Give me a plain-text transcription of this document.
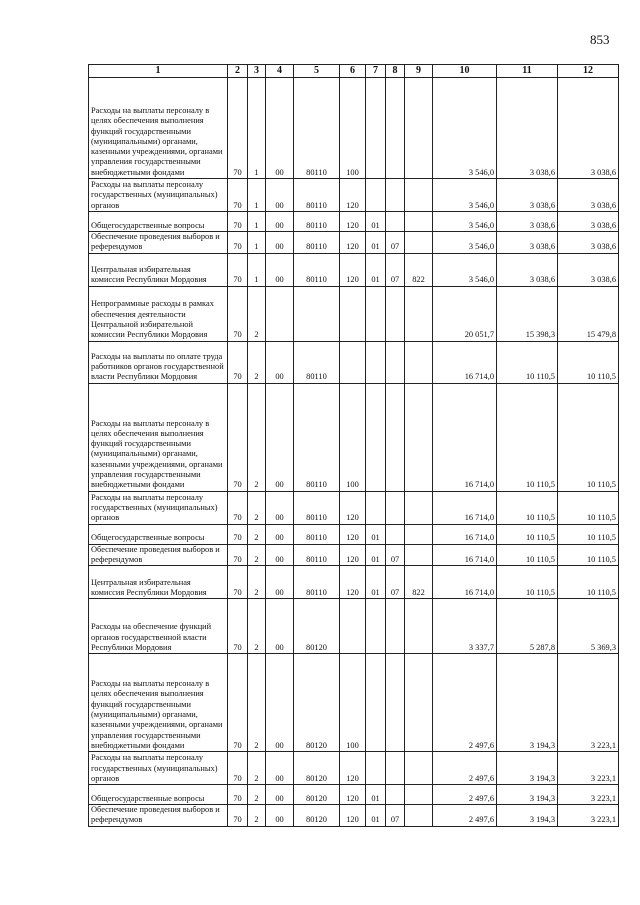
853
1	2	3	4	5	6	7	8	9	10	11	12
Расходы на выплаты персоналу в целях обеспечения выполнения функций государственными (муниципальными) органами, казенными учреждениями, органами управления государственными внебюджетными фондами	70	1	00	80110	100				3 546,0	3 038,6	3 038,6
Расходы на выплаты персоналу государственных (муниципальных) органов	70	1	00	80110	120				3 546,0	3 038,6	3 038,6
Общегосударственные вопросы	70	1	00	80110	120	01			3 546,0	3 038,6	3 038,6
Обеспечение проведения выборов и референдумов	70	1	00	80110	120	01	07		3 546,0	3 038,6	3 038,6
Центральная избирательная комиссия Республики Мордовия	70	1	00	80110	120	01	07	822	3 546,0	3 038,6	3 038,6
Непрограммные расходы в рамках обеспечения деятельности Центральной избирательной комиссии Республики Мордовия	70	2							20 051,7	15 398,3	15 479,8
Расходы на выплаты по оплате труда работников органов государственной власти Республики Мордовия	70	2	00	80110					16 714,0	10 110,5	10 110,5
Расходы на выплаты персоналу в целях обеспечения выполнения функций государственными (муниципальными) органами, казенными учреждениями, органами управления государственными внебюджетными фондами	70	2	00	80110	100				16 714,0	10 110,5	10 110,5
Расходы на выплаты персоналу государственных (муниципальных) органов	70	2	00	80110	120				16 714,0	10 110,5	10 110,5
Общегосударственные вопросы	70	2	00	80110	120	01			16 714,0	10 110,5	10 110,5
Обеспечение проведения выборов и референдумов	70	2	00	80110	120	01	07		16 714,0	10 110,5	10 110,5
Центральная избирательная комиссия Республики Мордовия	70	2	00	80110	120	01	07	822	16 714,0	10 110,5	10 110,5
Расходы на обеспечение функций органов государственной власти Республики Мордовия	70	2	00	80120					3 337,7	5 287,8	5 369,3
Расходы на выплаты персоналу в целях обеспечения выполнения функций государственными (муниципальными) органами, казенными учреждениями, органами управления государственными внебюджетными фондами	70	2	00	80120	100				2 497,6	3 194,3	3 223,1
Расходы на выплаты персоналу государственных (муниципальных) органов	70	2	00	80120	120				2 497,6	3 194,3	3 223,1
Общегосударственные вопросы	70	2	00	80120	120	01			2 497,6	3 194,3	3 223,1
Обеспечение проведения выборов и референдумов	70	2	00	80120	120	01	07		2 497,6	3 194,3	3 223,1
